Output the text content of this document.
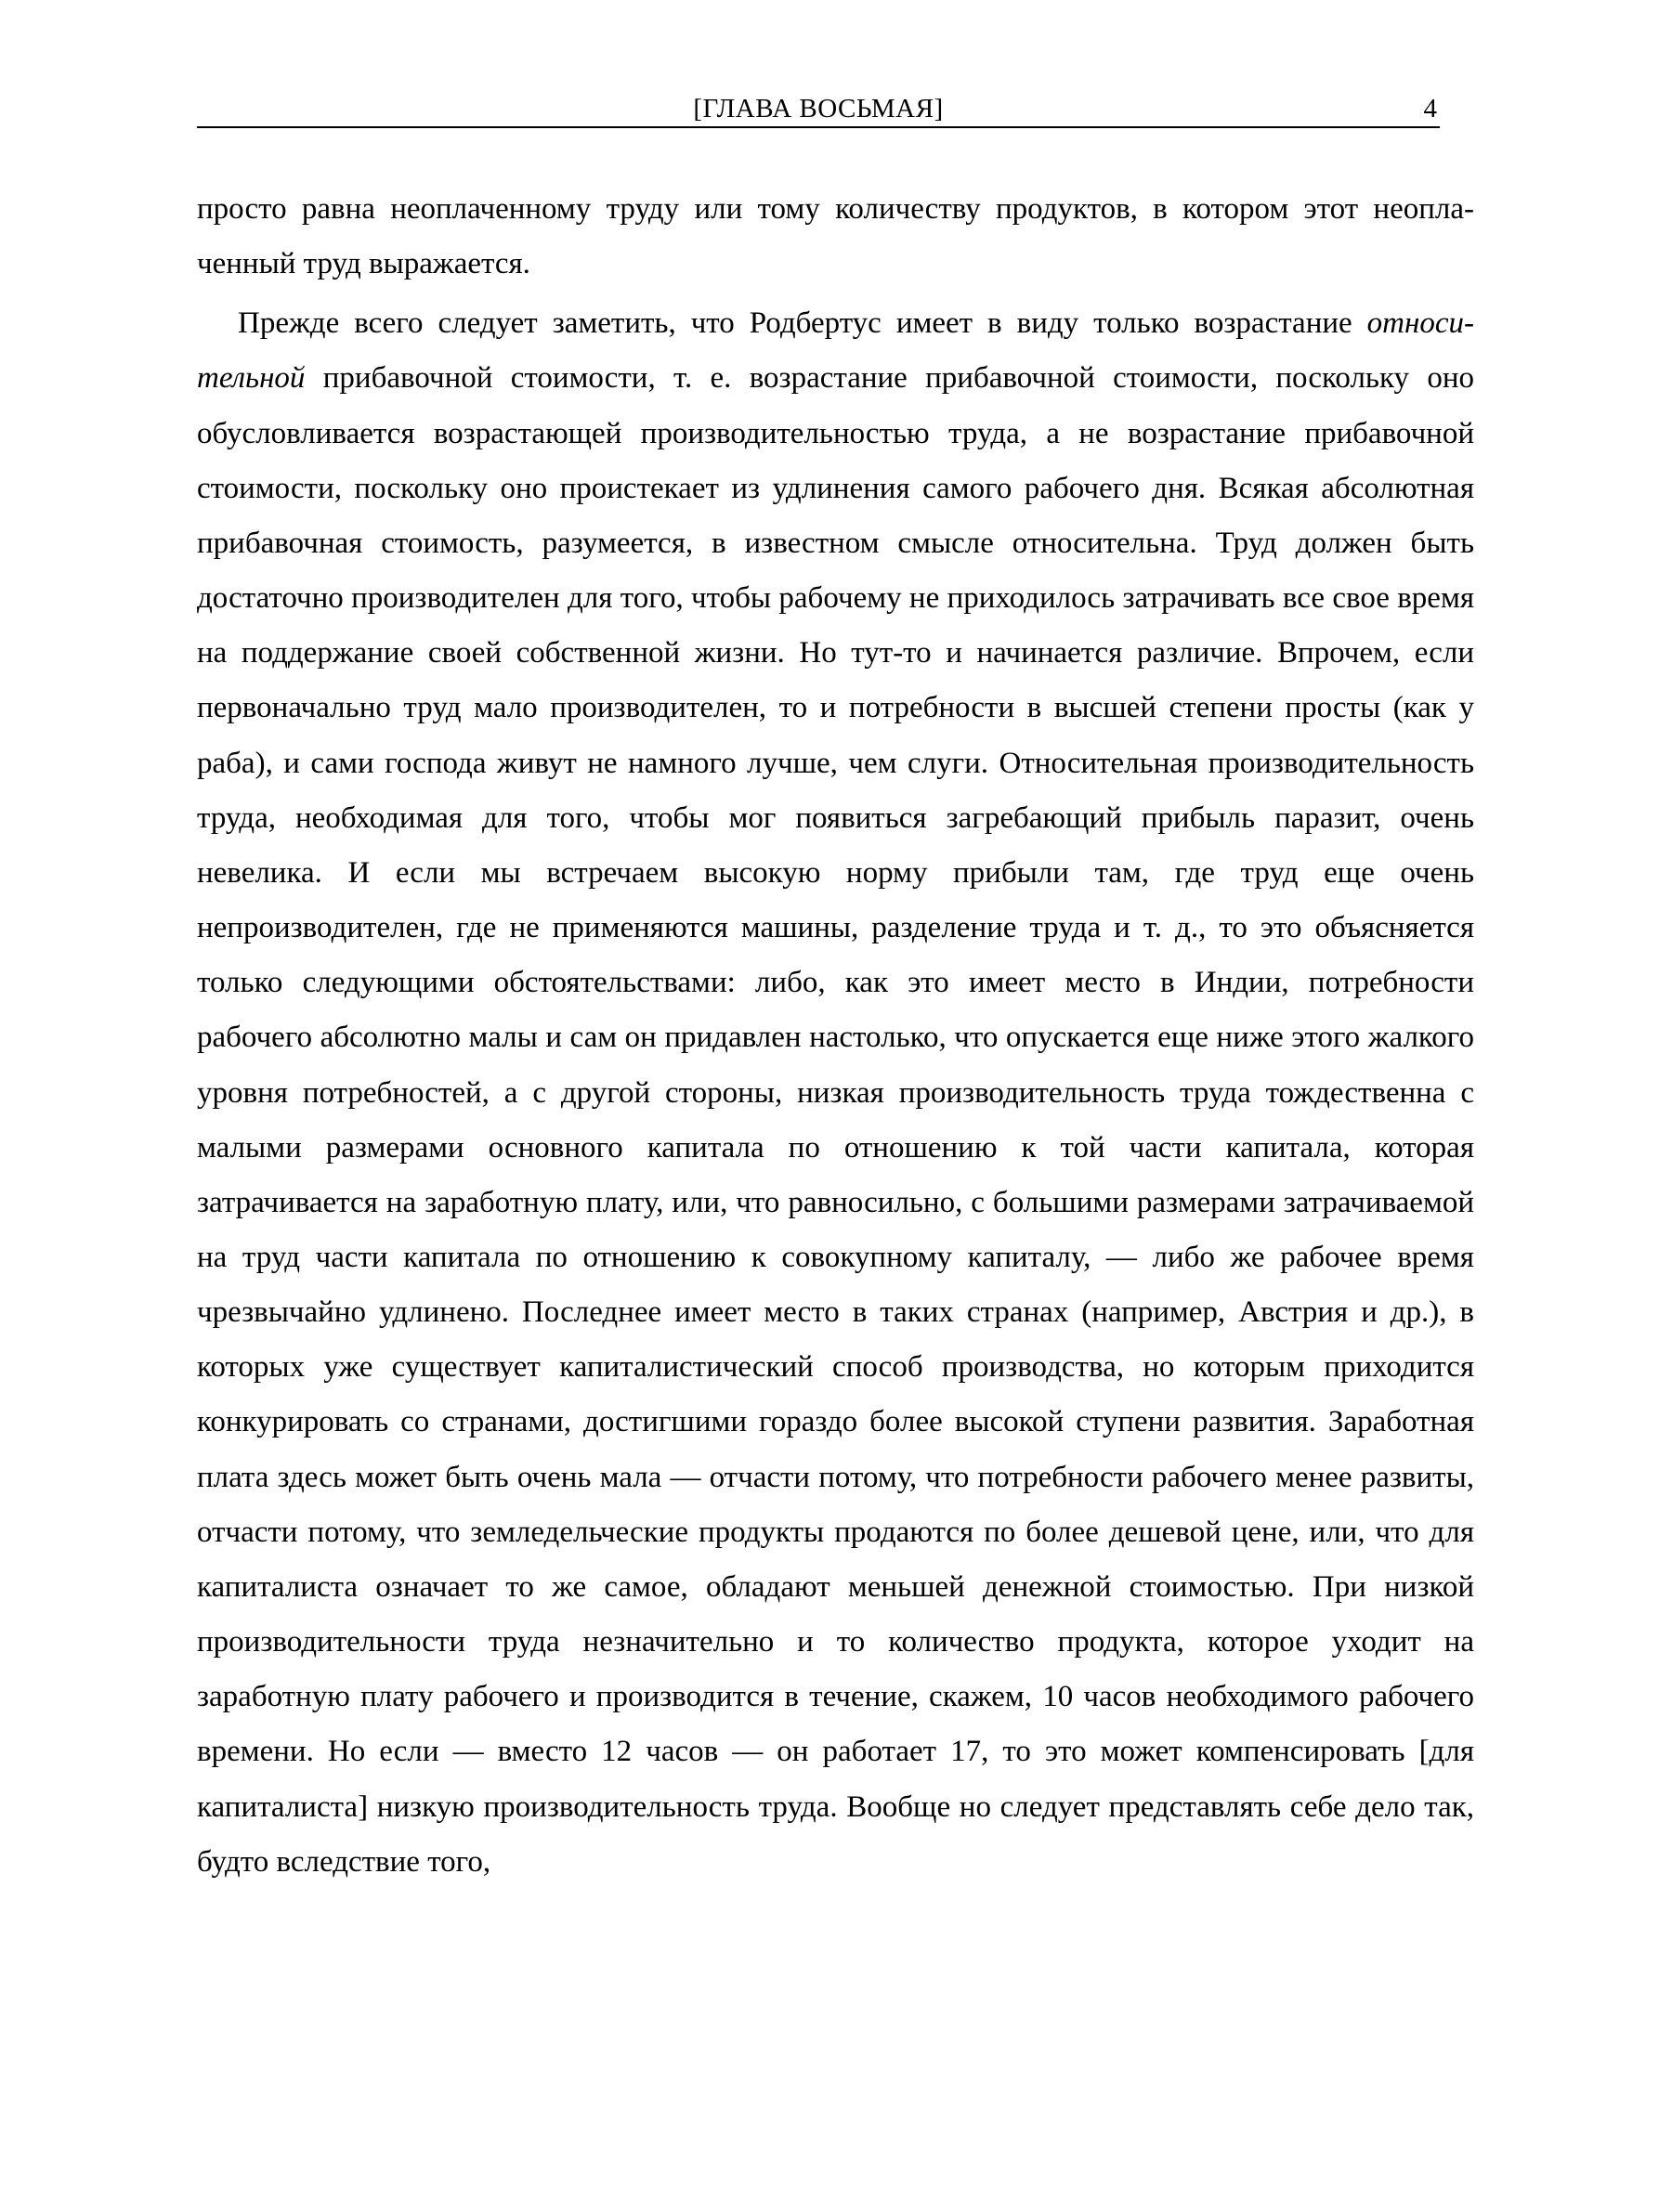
[ГЛАВА ВОСЬМАЯ]	4

просто равна неоплаченному труду или тому количеству продуктов, в котором этот неоплаченный труд выражается.

Прежде всего следует заметить, что Родбертус имеет в виду только возрастание относительной прибавочной стоимости, т. е. возрастание прибавочной стоимости, поскольку оно обусловливается возрастающей производительностью труда, а не возрастание прибавочной стоимости, поскольку оно проистекает из удлинения самого рабочего дня. Всякая абсолютная прибавочная стоимость, разумеется, в известном смысле относительна. Труд должен быть достаточно производителен для того, чтобы рабочему не приходилось затрачивать все свое время на поддержание своей собственной жизни. Но тут-то и начинается различие. Впрочем, если первоначально труд мало производителен, то и потребности в высшей степени просты (как у раба), и сами господа живут не намного лучше, чем слуги. Относительная производительность труда, необходимая для того, чтобы мог появиться загребающий прибыль паразит, очень невелика. И если мы встречаем высокую норму прибыли там, где труд еще очень непроизводителен, где не применяются машины, разделение труда и т. д., то это объясняется только следующими обстоятельствами: либо, как это имеет место в Индии, потребности рабочего абсолютно малы и сам он придавлен настолько, что опускается еще ниже этого жалкого уровня потребностей, а с другой стороны, низкая производительность труда тождественна с малыми размерами основного капитала по отношению к той части капитала, которая затрачивается на заработную плату, или, что равносильно, с большими размерами затрачиваемой на труд части капитала по отношению к совокупному капиталу, — либо же рабочее время чрезвычайно удлинено. Последнее имеет место в таких странах (например, Австрия и др.), в которых уже существует капиталистический способ производства, но которым приходится конкурировать со странами, достигшими гораздо более высокой ступени развития. Заработная плата здесь может быть очень мала — отчасти потому, что потребности рабочего менее развиты, отчасти потому, что земледельческие продукты продаются по более дешевой цене, или, что для капиталиста означает то же самое, обладают меньшей денежной стоимостью. При низкой производительности труда незначительно и то количество продукта, которое уходит на заработную плату рабочего и производится в течение, скажем, 10 часов необходимого рабочего времени. Но если — вместо 12 часов — он работает 17, то это может компенсировать [для капиталиста] низкую производительность труда. Вообще но следует представлять себе дело так, будто вследствие того,
